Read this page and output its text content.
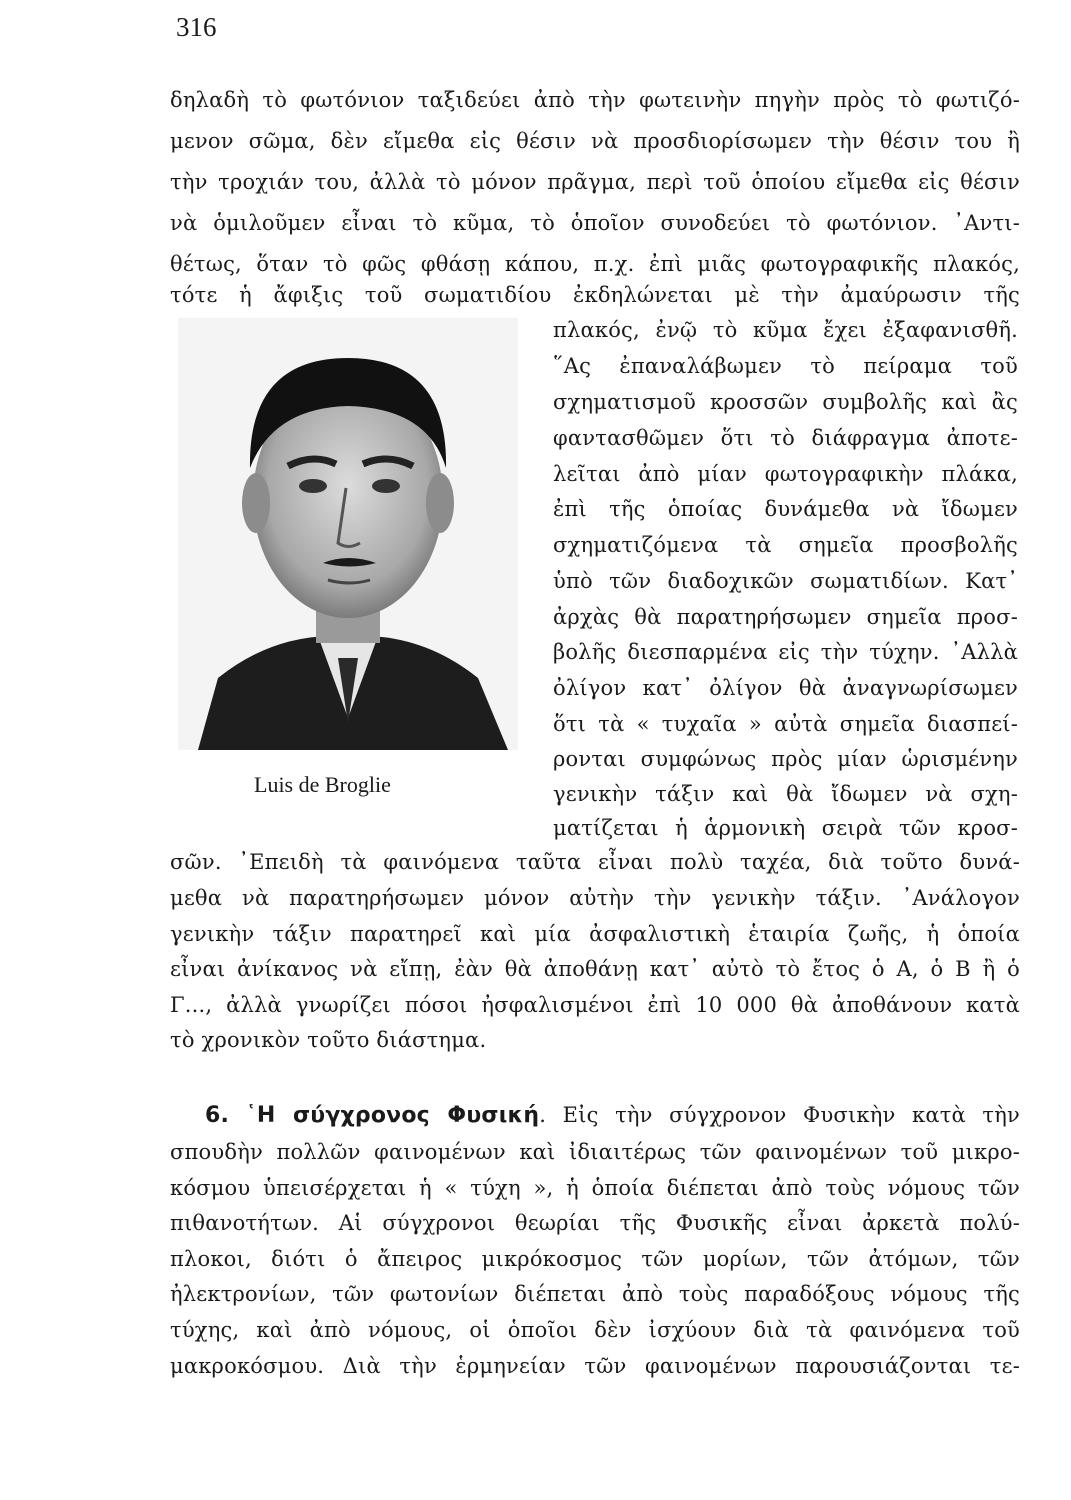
316
δηλαδὴ τὸ φωτόνιον ταξιδεύει ἀπὸ τὴν φωτεινὴν πηγὴν πρὸς τὸ φωτιζό-
μενον σῶμα, δὲν εἴμεθα εἰς θέσιν νὰ προσδιορίσωμεν τὴν θέσιν του ἢ
τὴν τροχιάν του, ἀλλὰ τὸ μόνον πρᾶγμα, περὶ τοῦ ὁποίου εἴμεθα εἰς θέσιν
νὰ ὁμιλοῦμεν εἶναι τὸ κῦμα, τὸ ὁποῖον συνοδεύει τὸ φωτόνιον. ᾽Αντι-
θέτως, ὅταν τὸ φῶς φθάσῃ κάπου, π.χ. ἐπὶ μιᾶς φωτογραφικῆς πλακός,
τότε ἡ ἄφιξις τοῦ σωματιδίου ἐκδηλώνεται μὲ τὴν ἀμαύρωσιν τῆς
Luis de Broglie
πλακός, ἐνῷ τὸ κῦμα ἔχει ἐξαφανισθῆ.
῞Ας ἐπαναλάβωμεν τὸ πείραμα τοῦ
σχηματισμοῦ κροσσῶν συμβολῆς καὶ ἂς
φαντασθῶμεν ὅτι τὸ διάφραγμα ἀποτε-
λεῖται ἀπὸ μίαν φωτογραφικὴν πλάκα,
ἐπὶ τῆς ὁποίας δυνάμεθα νὰ ἴδωμεν
σχηματιζόμενα τὰ σημεῖα προσβολῆς
ὑπὸ τῶν διαδοχικῶν σωματιδίων. Κατ᾽
ἀρχὰς θὰ παρατηρήσωμεν σημεῖα προσ-
βολῆς διεσπαρμένα εἰς τὴν τύχην. ᾽Αλλὰ
ὀλίγον κατ᾽ ὀλίγον θὰ ἀναγνωρίσωμεν
ὅτι τὰ « τυχαῖα » αὐτὰ σημεῖα διασπεί-
ρονται συμφώνως πρὸς μίαν ὡρισμένην
γενικὴν τάξιν καὶ θὰ ἴδωμεν νὰ σχη-
ματίζεται ἡ ἁρμονικὴ σειρὰ τῶν κροσ-
σῶν. ᾽Επειδὴ τὰ φαινόμενα ταῦτα εἶναι πολὺ ταχέα, διὰ τοῦτο δυνά-
μεθα νὰ παρατηρήσωμεν μόνον αὐτὴν τὴν γενικὴν τάξιν. ᾽Ανάλογον
γενικὴν τάξιν παρατηρεῖ καὶ μία ἀσφαλιστικὴ ἑταιρία ζωῆς, ἡ ὁποία
εἶναι ἀνίκανος νὰ εἴπῃ, ἐὰν θὰ ἀποθάνῃ κατ᾽ αὐτὸ τὸ ἔτος ὁ Α, ὁ Β ἢ ὁ
Γ..., ἀλλὰ γνωρίζει πόσοι ἠσφαλισμένοι ἐπὶ 10 000 θὰ ἀποθάνουν κατὰ
τὸ χρονικὸν τοῦτο διάστημα.
6. ῾Η σύγχρονος Φυσική. Εἰς τὴν σύγχρονον Φυσικὴν κατὰ τὴν
σπουδὴν πολλῶν φαινομένων καὶ ἰδιαιτέρως τῶν φαινομένων τοῦ μικρο-
κόσμου ὑπεισέρχεται ἡ « τύχη », ἡ ὁποία διέπεται ἀπὸ τοὺς νόμους τῶν
πιθανοτήτων. Αἱ σύγχρονοι θεωρίαι τῆς Φυσικῆς εἶναι ἀρκετὰ πολύ-
πλοκοι, διότι ὁ ἄπειρος μικρόκοσμος τῶν μορίων, τῶν ἀτόμων, τῶν
ἠλεκτρονίων, τῶν φωτονίων διέπεται ἀπὸ τοὺς παραδόξους νόμους τῆς
τύχης, καὶ ἀπὸ νόμους, οἱ ὁποῖοι δὲν ἰσχύουν διὰ τὰ φαινόμενα τοῦ
μακροκόσμου. Διὰ τὴν ἑρμηνείαν τῶν φαινομένων παρουσιάζονται τε-
